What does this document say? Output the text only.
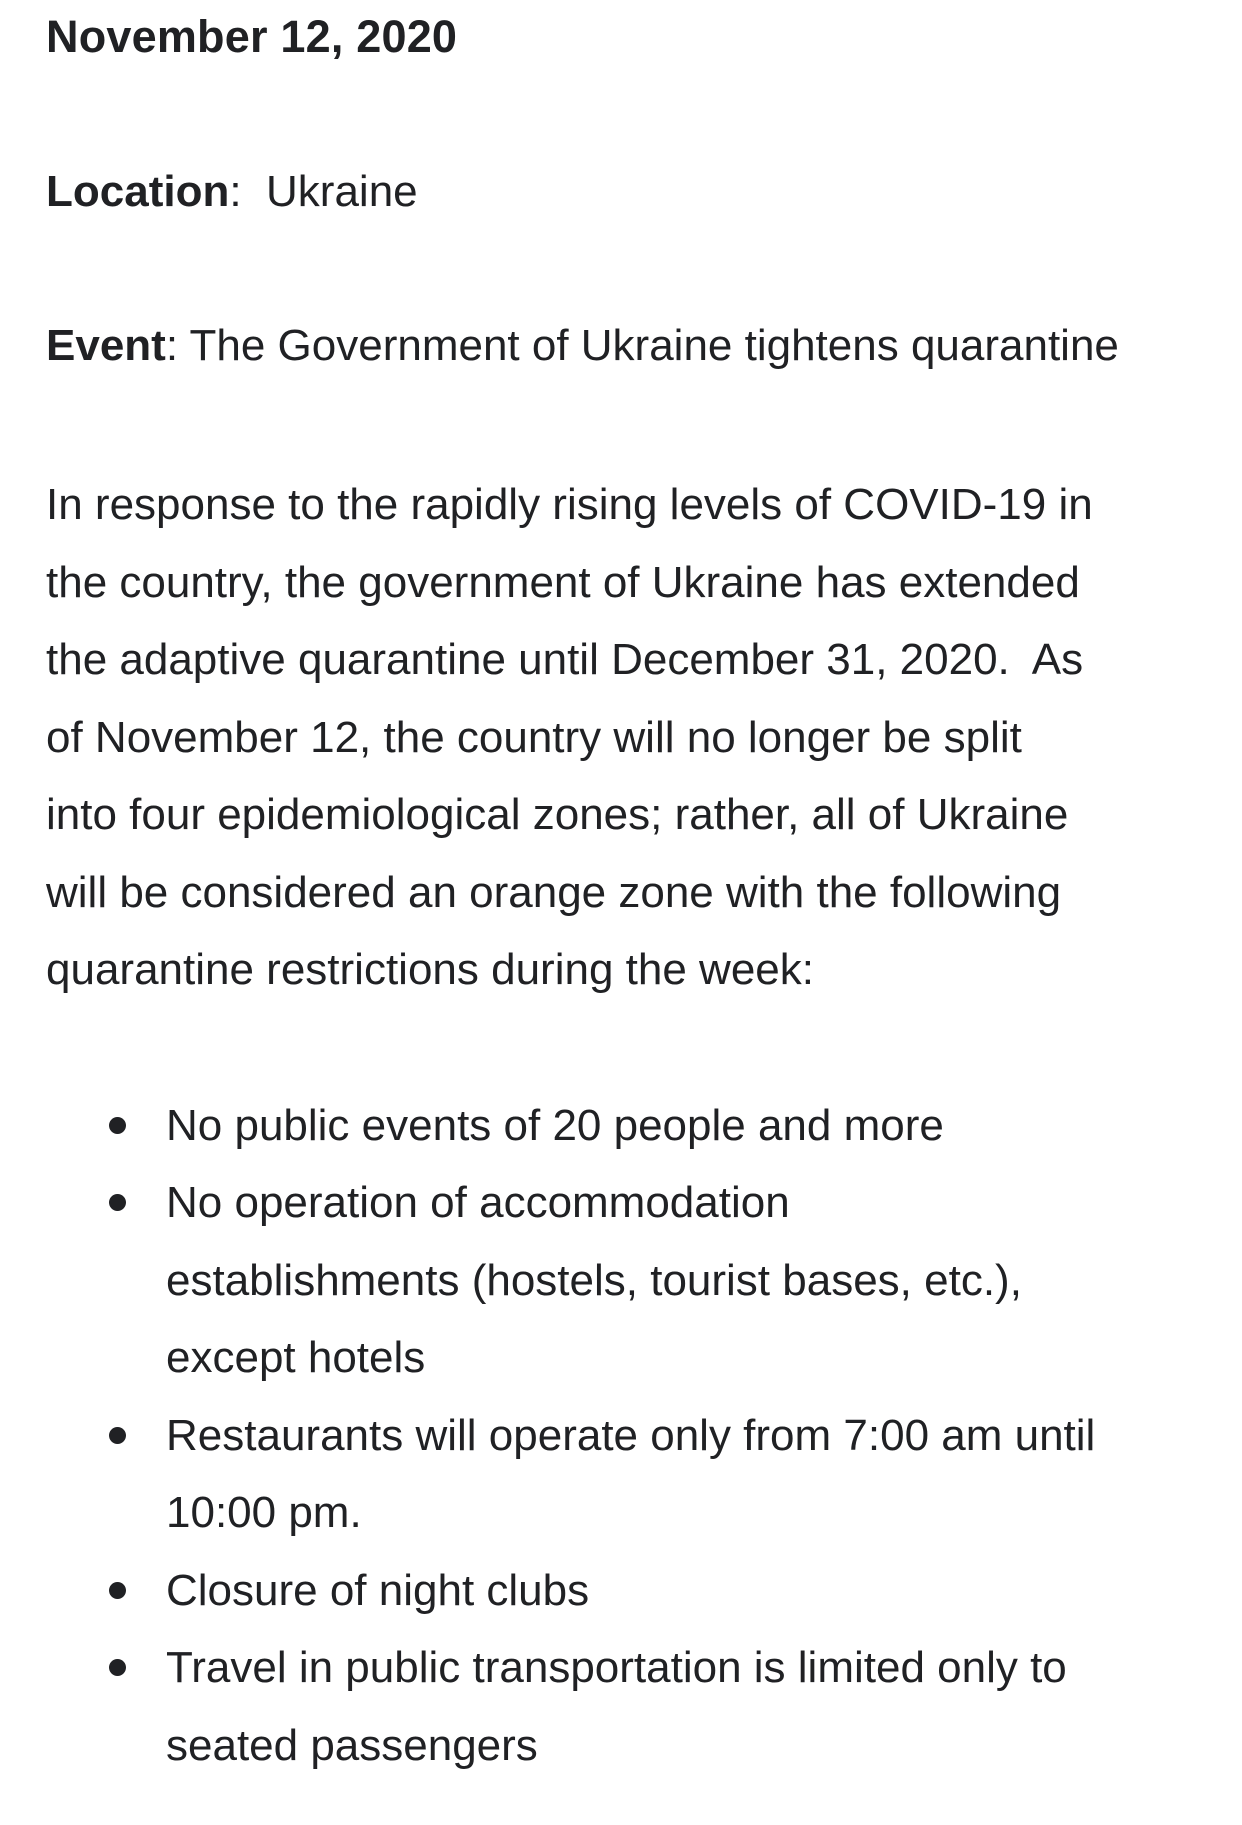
November 12, 2020

Location:  Ukraine

Event: The Government of Ukraine tightens quarantine

In response to the rapidly rising levels of COVID-19 in
the country, the government of Ukraine has extended
the adaptive quarantine until December 31, 2020.  As
of November 12, the country will no longer be split
into four epidemiological zones; rather, all of Ukraine
will be considered an orange zone with the following
quarantine restrictions during the week:

No public events of 20 people and more
No operation of accommodation
establishments (hostels, tourist bases, etc.),
except hotels
Restaurants will operate only from 7:00 am until
10:00 pm.
Closure of night clubs
Travel in public transportation is limited only to
seated passengers
